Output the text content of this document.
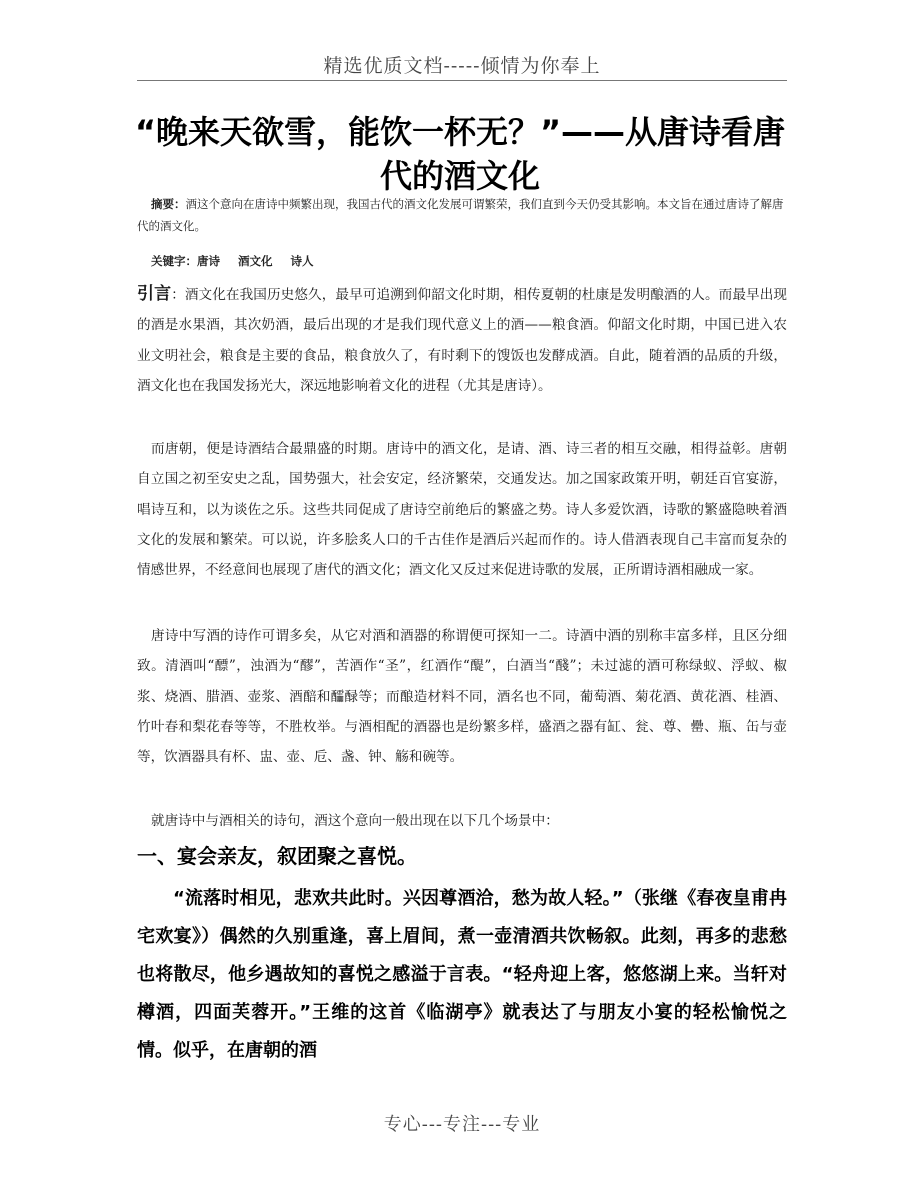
精选优质文档-----倾情为你奉上
“晚来天欲雪，能饮一杯无？”——从唐诗看唐代的酒文化
摘要：酒这个意向在唐诗中频繁出现，我国古代的酒文化发展可谓繁荣，我们直到今天仍受其影响。本文旨在通过唐诗了解唐代的酒文化。
关键字：唐诗 酒文化 诗人
引言：酒文化在我国历史悠久，最早可追溯到仰韶文化时期，相传夏朝的杜康是发明酿酒的人。而最早出现的酒是水果酒，其次奶酒，最后出现的才是我们现代意义上的酒——粮食酒。仰韶文化时期，中国已进入农业文明社会，粮食是主要的食品，粮食放久了，有时剩下的馊饭也发酵成酒。自此，随着酒的品质的升级，酒文化也在我国发扬光大，深远地影响着文化的进程（尤其是唐诗）。
而唐朝，便是诗酒结合最鼎盛的时期。唐诗中的酒文化，是请、酒、诗三者的相互交融，相得益彰。唐朝自立国之初至安史之乱，国势强大，社会安定，经济繁荣，交通发达。加之国家政策开明，朝廷百官宴游，唱诗互和，以为谈佐之乐。这些共同促成了唐诗空前绝后的繁盛之势。诗人多爱饮酒，诗歌的繁盛隐映着酒文化的发展和繁荣。可以说，许多脍炙人口的千古佳作是酒后兴起而作的。诗人借酒表现自己丰富而复杂的情感世界，不经意间也展现了唐代的酒文化；酒文化又反过来促进诗歌的发展，正所谓诗酒相融成一家。
唐诗中写酒的诗作可谓多矣，从它对酒和酒器的称谓便可探知一二。诗酒中酒的别称丰富多样，且区分细致。清酒叫“醥”，浊酒为“醪”，苦酒作“圣”，红酒作“醍”，白酒当“醆”；未过滤的酒可称绿蚁、浮蚁、椒浆、烧酒、腊酒、壶浆、酒醅和醽醁等；而酿造材料不同，酒名也不同，葡萄酒、菊花酒、黄花酒、桂酒、竹叶春和梨花春等等，不胜枚举。与酒相配的酒器也是纷繁多样，盛酒之器有缸、瓮、尊、罍、瓶、缶与壶等，饮酒器具有杯、盅、壶、卮、盏、钟、觞和碗等。
就唐诗中与酒相关的诗句，酒这个意向一般出现在以下几个场景中：
一、宴会亲友，叙团聚之喜悦。
“流落时相见，悲欢共此时。兴因尊酒洽，愁为故人轻。”（张继《春夜皇甫冉宅欢宴》）偶然的久别重逢，喜上眉间，煮一壶清酒共饮畅叙。此刻，再多的悲愁也将散尽，他乡遇故知的喜悦之感溢于言表。“轻舟迎上客，悠悠湖上来。当轩对樽酒，四面芙蓉开。”王维的这首《临湖亭》就表达了与朋友小宴的轻松愉悦之情。似乎，在唐朝的酒
专心---专注---专业
